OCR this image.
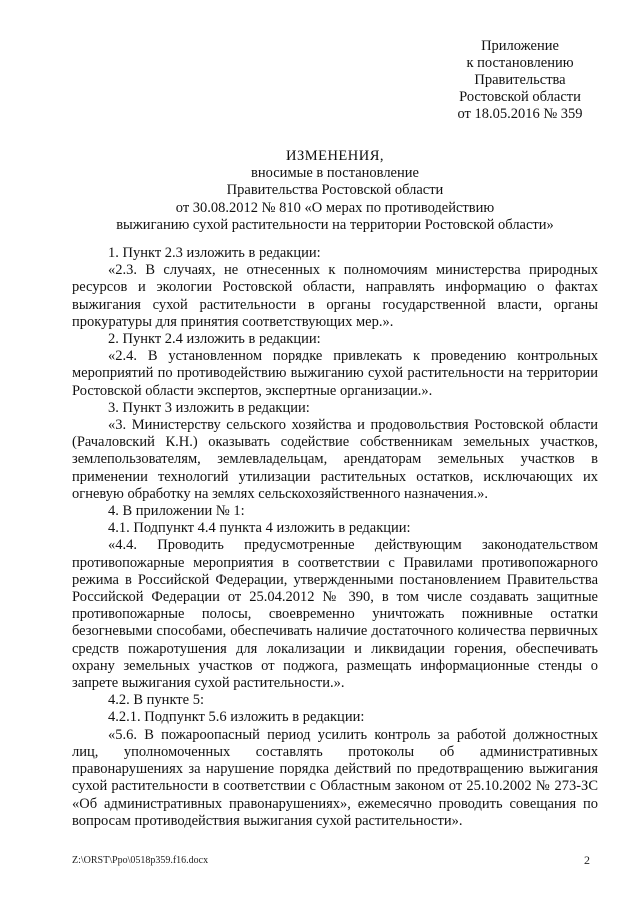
Приложение
к постановлению
Правительства
Ростовской области
от 18.05.2016 № 359
ИЗМЕНЕНИЯ,
вносимые в постановление
Правительства Ростовской области
от 30.08.2012 № 810 «О мерах по противодействию
выжиганию сухой растительности на территории Ростовской области»

1. Пункт 2.3 изложить в редакции:

«2.3. В случаях, не отнесенных к полномочиям министерства природных ресурсов и экологии Ростовской области, направлять информацию о фактах выжигания сухой растительности в органы государственной власти, органы прокуратуры для принятия соответствующих мер.».

2. Пункт 2.4 изложить в редакции:

«2.4. В установленном порядке привлекать к проведению контрольных мероприятий по противодействию выжиганию сухой растительности на территории Ростовской области экспертов, экспертные организации.».

3. Пункт 3 изложить в редакции:

«3. Министерству сельского хозяйства и продовольствия Ростовской области (Рачаловский К.Н.) оказывать содействие собственникам земельных участков, землепользователям, землевладельцам, арендаторам земельных участков в применении технологий утилизации растительных остатков, исключающих их огневую обработку на землях сельскохозяйственного назначения.».

4. В приложении № 1:

4.1. Подпункт 4.4 пункта 4 изложить в редакции:

«4.4. Проводить предусмотренные действующим законодательством противопожарные мероприятия в соответствии с Правилами противопожарного режима в Российской Федерации, утвержденными постановлением Правительства Российской Федерации от 25.04.2012 № 390, в том числе создавать защитные противопожарные полосы, своевременно уничтожать пожнивные остатки безогневыми способами, обеспечивать наличие достаточного количества первичных средств пожаротушения для локализации и ликвидации горения, обеспечивать охрану земельных участков от поджога, размещать информационные стенды о запрете выжигания сухой растительности.».

4.2. В пункте 5:

4.2.1. Подпункт 5.6 изложить в редакции:

«5.6. В пожароопасный период усилить контроль за работой должностных лиц, уполномоченных составлять протоколы об административных правонарушениях за нарушение порядка действий по предотвращению выжигания сухой растительности в соответствии с Областным законом от 25.10.2002 № 273-ЗС «Об административных правонарушениях», ежемесячно проводить совещания по вопросам противодействия выжигания сухой растительности».

Z:\ORST\Ppo\0518p359.f16.docx	2
